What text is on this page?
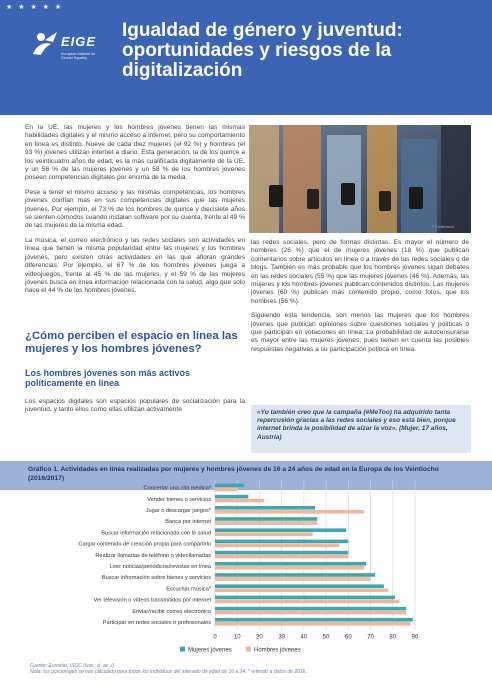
★ ★ ★ ★ ★
EIGE
European Institute for Gender Equality
Igualdad de género y juventud: oportunidades y riesgos de la digitalización

En la UE, las mujeres y los hombres jóvenes tienen las mismas habilidades digitales y el mismo acceso a internet, pero su comportamiento en línea es distinto. Nueve de cada diez mujeres (el 92 %) y hombres (el 93 %) jóvenes utilizan internet a diario. Esta generación, la de los quince a los veinticuatro años de edad, es la más cualificada digitalmente de la UE, y un 56 % de las mujeres jóvenes y un 58 % de los hombres jóvenes poseen competencias digitales por encima de la media.

Pese a tener el mismo acceso y las mismas competencias, los hombres jóvenes confían más en sus competencias digitales que las mujeres jóvenes. Por ejemplo, el 73 % de los hombres de quince y diecisiete años se sienten cómodos cuando instalan software por su cuenta, frente al 49 % de las mujeres de la misma edad.

La música, el correo electrónico y las redes sociales son actividades en línea que tienen la misma popularidad entre las mujeres y los hombres jóvenes, pero existen otras actividades en las que afloran grandes diferencias. Por ejemplo, el 67 % de los hombres jóvenes juega a videojuegos, frente al 45 % de las mujeres, y el 59 % de las mujeres jóvenes busca en línea información relacionada con la salud, algo que solo hace el 44 % de los hombres jóvenes.

¿Cómo perciben el espacio en línea las mujeres y los hombres jóvenes?
Los hombres jóvenes son más activos políticamente en línea

Los espacios digitales son espacios populares de socialización para la juventud, y tanto ellos como ellas utilizan activamente

© Shutterstock

las redes sociales, pero de formas distintas. Es mayor el número de hombres (26 %) que el de mujeres jóvenes (18 %) que publican comentarios sobre artículos en línea o a través de las redes sociales o de blogs. También es más probable que los hombres jóvenes sigan debates en las redes sociales (55 %) que las mujeres jóvenes (46 %). Además, las mujeres y los hombres jóvenes publican contenidos distintos. Las mujeres jóvenes (60 %) publican más contenido propio, como fotos, que los hombres (56 %).

Siguiendo esta tendencia, son menos las mujeres que los hombres jóvenes que publican opiniones sobre cuestiones sociales y políticas o que participan en votaciones en línea. La probabilidad de autocensurarse es mayor entre las mujeres jóvenes, pues tienen en cuenta las posibles respuestas negativas a su participación política en línea.

«Yo también creo que la campaña (#MeToo) ha adquirido tanta repercusión gracias a las redes sociales y eso está bien, porque internet brinda la posibilidad de alzar la voz». (Mujer, 17 años, Austria)
Gráfico 1. Actividades en línea realizadas por mujeres y hombres jóvenes de 16 a 24 años de edad en la Europa de los Veintiocho (2016/2017)
0	10	20	30	40	50	60	70	80	90
Concertar una cita médica*
Vender bienes o servicios
Jugar o descargar juegos*
Banca por internet
Buscar información relacionada con la salud
Cargar contenido de creación propia para compartirlo
Realizar llamadas de teléfono o videollamadas
Leer noticias/periódicos/revistas en línea
Buscar información sobre bienes y servicios
Escuchar música*
Ver televisión o vídeos transmitidos por internet
Enviar/recibir correo electrónico
Participar en redes sociales o profesionales
Mujeres jóvenes	Hombres jóvenes
Fuente: Eurostat, ISOC (isoc_ci_ac_i)
Nota: los porcentajes se han calculado para todos los individuos del intervalo de edad de 16 a 24. * referido a datos de 2016.
